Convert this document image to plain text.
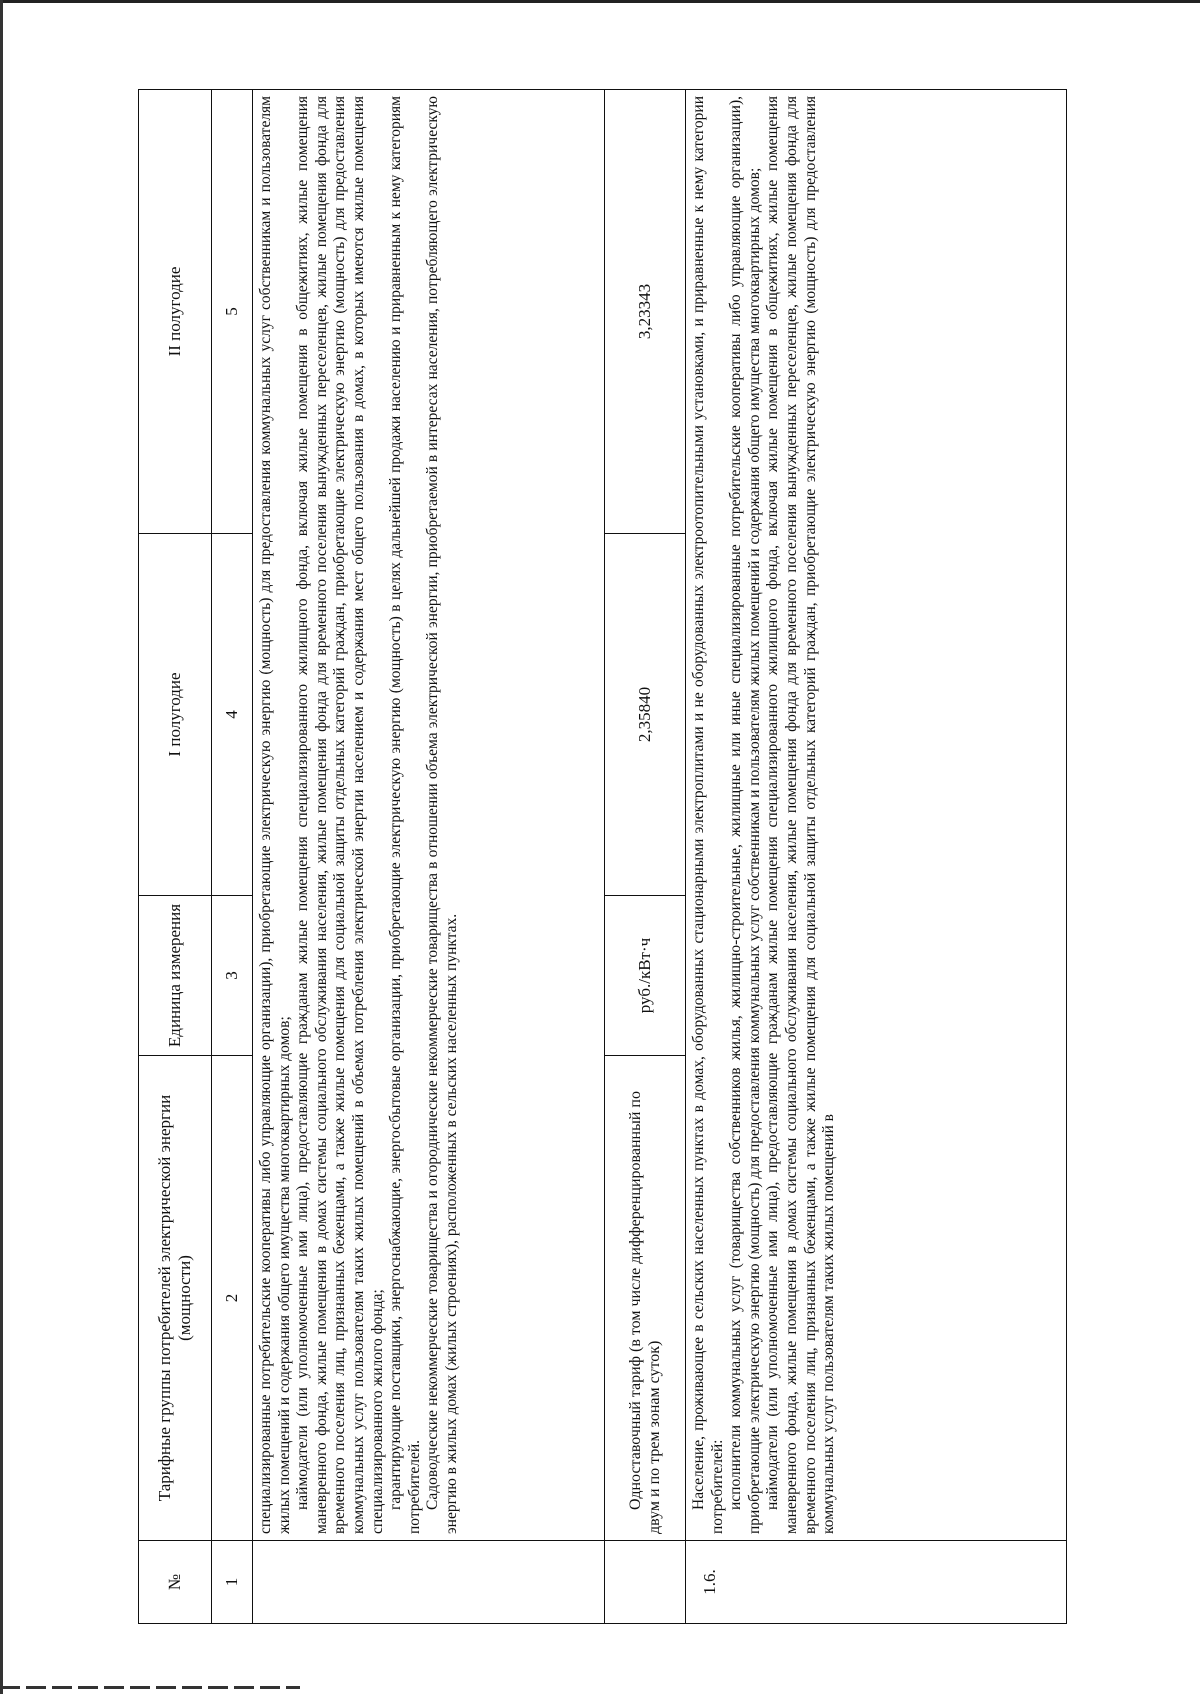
№	Тарифные группы потребителей электрической энергии (мощности)	Единица измерения	I полугодие	II полугодие
1	2	3	4	5

	специализированные потребительские кооперативы либо управляющие организации), приобретающие электрическую энергию (мощность) для предоставления коммунальных услуг собственникам и пользователям жилых помещений и содержания общего имущества многоквартирных домов; наймодатели (или уполномоченные ими лица), предоставляющие гражданам жилые помещения специализированного жилищного фонда, включая жилые помещения в общежитиях, жилые помещения маневренного фонда, жилые помещения в домах системы социального обслуживания населения, жилые помещения фонда для временного поселения вынужденных переселенцев, жилые помещения фонда для временного поселения лиц, признанных беженцами, а также жилые помещения для социальной защиты отдельных категорий граждан, приобретающие электрическую энергию (мощность) для предоставления коммунальных услуг пользователям таких жилых помещений в объемах потребления электрической энергии населением и содержания мест общего пользования в домах, в которых имеются жилые помещения специализированного жилого фонда; гарантирующие поставщики, энергоснабжающие, энергосбытовые организации, приобретающие электрическую энергию (мощность) в целях дальнейшей продажи населению и приравненным к нему категориям потребителей. Садоводческие некоммерческие товарищества и огороднические некоммерческие товарищества в отношении объема электрической энергии, приобретаемой в интересах населения, потребляющего электрическую энергию в жилых домах (жилых строениях), расположенных в сельских населенных пунктах.			

	Одноставочный тариф (в том числе дифференцированный по двум и по трем зонам суток)	руб./кВт·ч	2,35840	3,23343
1.6.	Население, проживающее в сельских населенных пунктах в домах, оборудованных стационарными электроплитами и не оборудованных электроотопительными установками, и приравненные к нему категории потребителей: исполнители коммунальных услуг (товарищества собственников жилья, жилищно-строительные, жилищные или иные специализированные потребительские кооперативы либо управляющие организации), приобретающие электрическую энергию (мощность) для предоставления коммунальных услуг собственникам и пользователям жилых помещений и содержания общего имущества многоквартирных домов; наймодатели (или уполномоченные ими лица), предоставляющие гражданам жилые помещения специализированного жилищного фонда, включая жилые помещения в общежитиях, жилые помещения маневренного фонда, жилые помещения в домах системы социального обслуживания населения, жилые помещения фонда для временного поселения вынужденных переселенцев, жилые помещения фонда для временного поселения лиц, признанных беженцами, а также жилые помещения для социальной защиты отдельных категорий граждан, приобретающие электрическую энергию (мощность) для предоставления коммунальных услуг пользователям таких жилых помещений в			
